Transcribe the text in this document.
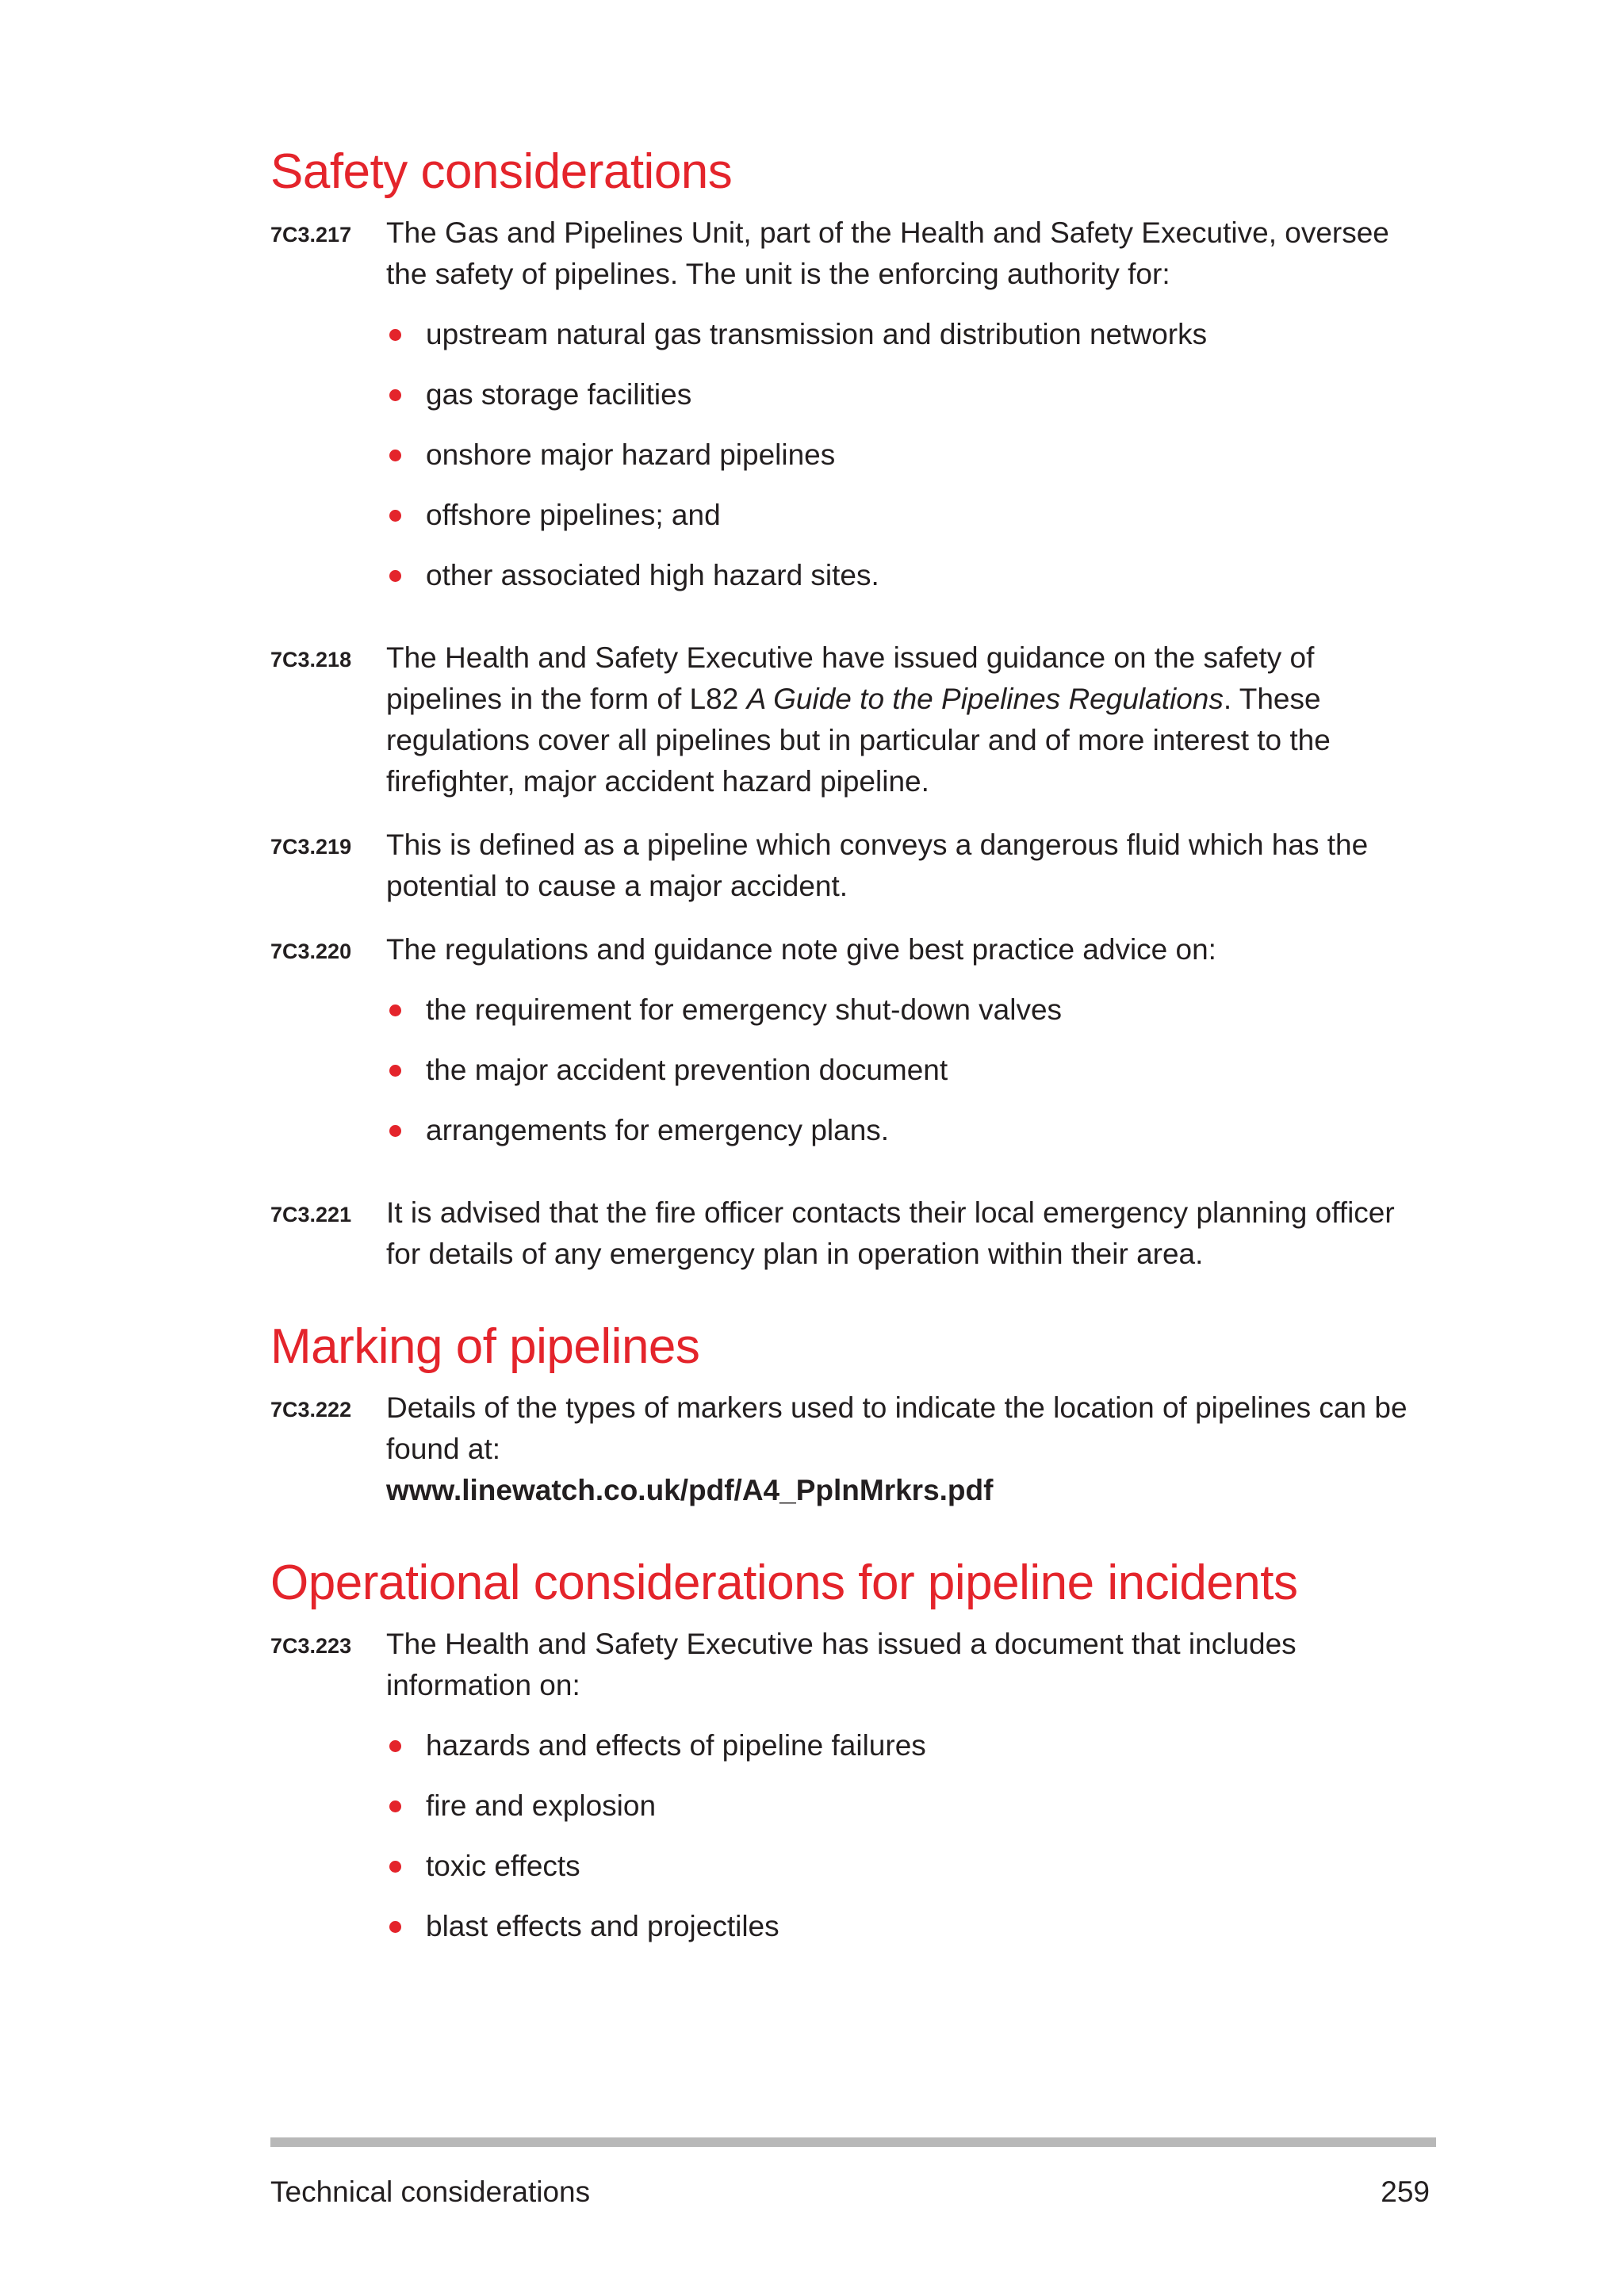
Safety considerations
7C3.217	The Gas and Pipelines Unit, part of the Health and Safety Executive, oversee the safety of pipelines. The unit is the enforcing authority for:

upstream natural gas transmission and distribution networks
gas storage facilities
onshore major hazard pipelines
offshore pipelines; and
other associated high hazard sites.
7C3.218	The Health and Safety Executive have issued guidance on the safety of pipelines in the form of L82 A Guide to the Pipelines Regulations. These regulations cover all pipelines but in particular and of more interest to the firefighter, major accident hazard pipeline.

7C3.219	This is defined as a pipeline which conveys a dangerous fluid which has the potential to cause a major accident.

7C3.220	The regulations and guidance note give best practice advice on:

the requirement for emergency shut-down valves
the major accident prevention document
arrangements for emergency plans.
7C3.221	It is advised that the fire officer contacts their local emergency planning officer for details of any emergency plan in operation within their area.

Marking of pipelines
7C3.222	Details of the types of markers used to indicate the location of pipelines can be found at:

www.linewatch.co.uk/pdf/A4_PplnMrkrs.pdf

Operational considerations for pipeline incidents
7C3.223	The Health and Safety Executive has issued a document that includes information on:

hazards and effects of pipeline failures
fire and explosion
toxic effects
blast effects and projectiles
Technical considerations	259
